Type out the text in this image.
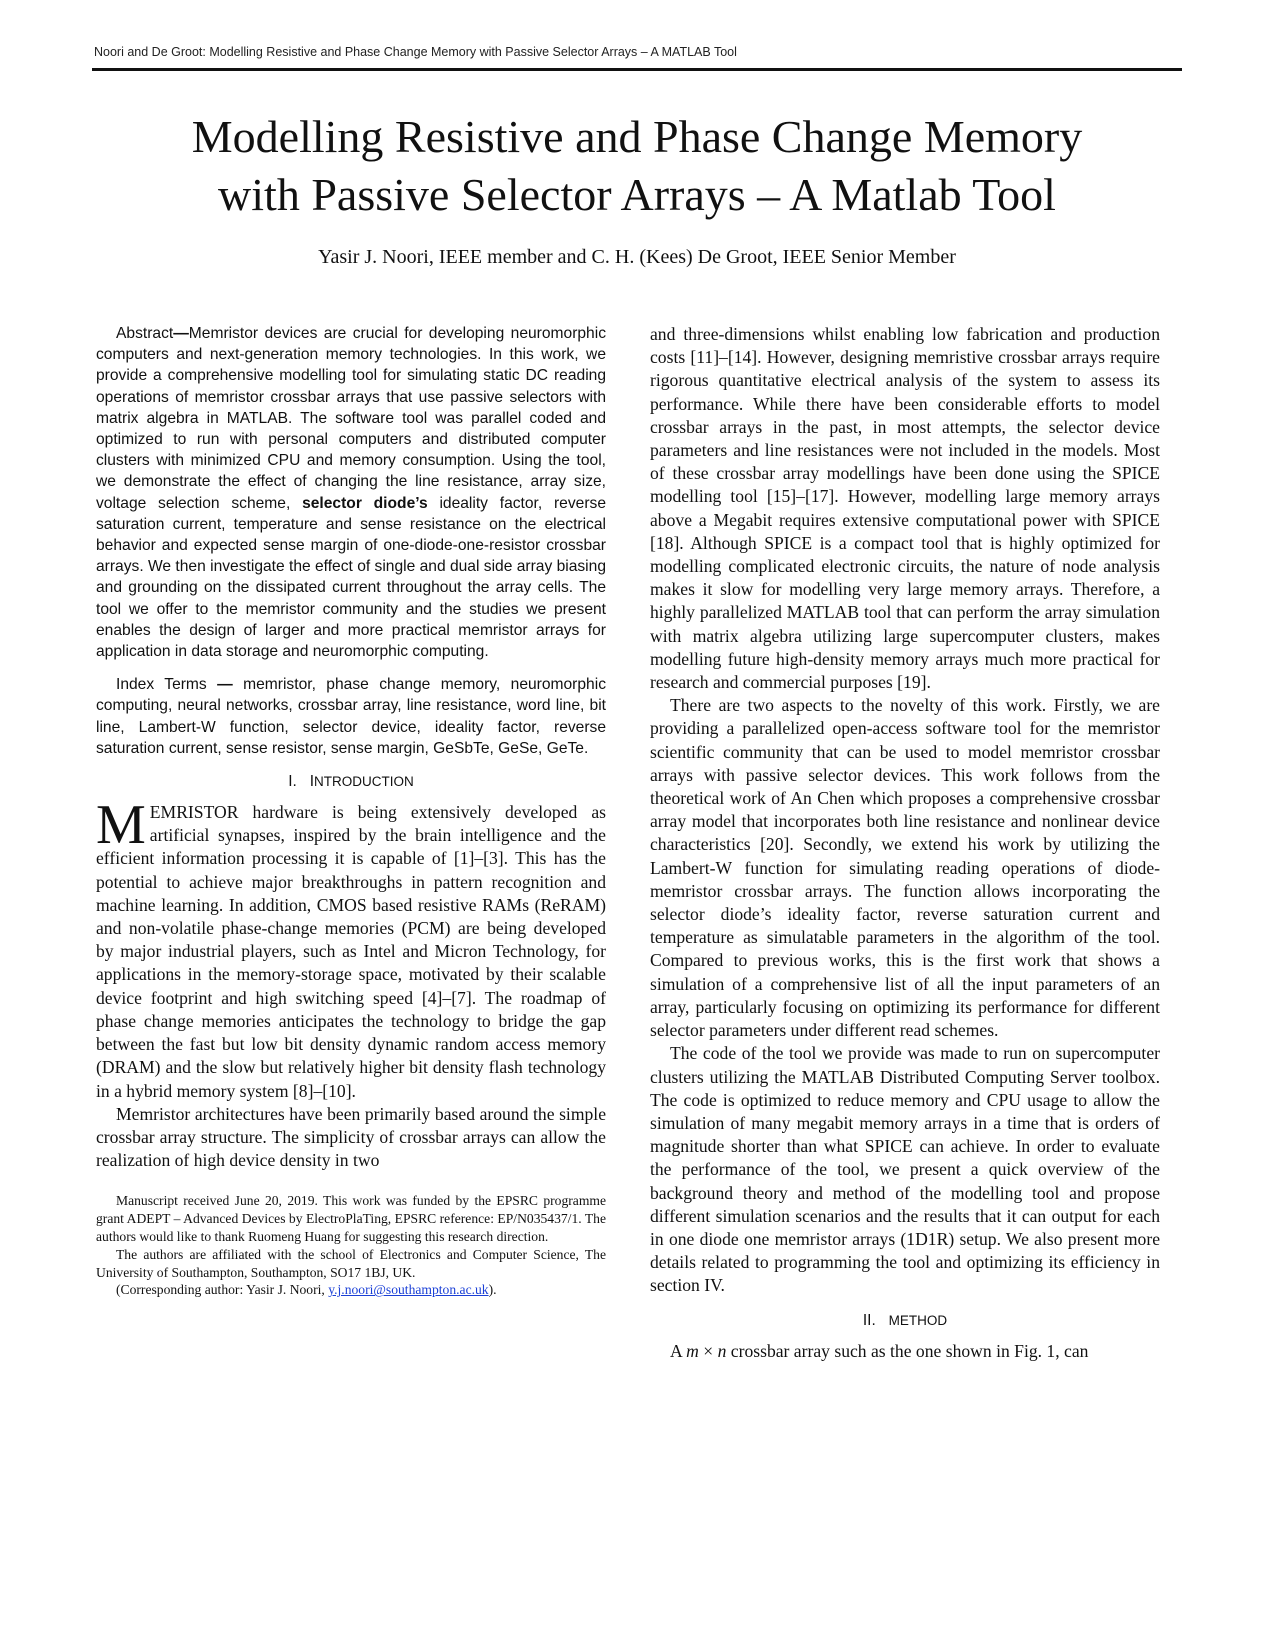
Noori and De Groot: Modelling Resistive and Phase Change Memory with Passive Selector Arrays – A MATLAB Tool
Modelling Resistive and Phase Change Memory
with Passive Selector Arrays – A Matlab Tool
Yasir J. Noori, IEEE member and C. H. (Kees) De Groot, IEEE Senior Member

Abstract—Memristor devices are crucial for developing neuromorphic computers and next-generation memory technologies. In this work, we provide a comprehensive modelling tool for simulating static DC reading operations of memristor crossbar arrays that use passive selectors with matrix algebra in MATLAB. The software tool was parallel coded and optimized to run with personal computers and distributed computer clusters with minimized CPU and memory consumption. Using the tool, we demonstrate the effect of changing the line resistance, array size, voltage selection scheme, selector diode’s ideality factor, reverse saturation current, temperature and sense resistance on the electrical behavior and expected sense margin of one-diode-one-resistor crossbar arrays. We then investigate the effect of single and dual side array biasing and grounding on the dissipated current throughout the array cells. The tool we offer to the memristor community and the studies we present enables the design of larger and more practical memristor arrays for application in data storage and neuromorphic computing.

Index Terms — memristor, phase change memory, neuromorphic computing, neural networks, crossbar array, line resistance, word line, bit line, Lambert-W function, selector device, ideality factor, reverse saturation current, sense resistor, sense margin, GeSbTe, GeSe, GeTe.

I. INTRODUCTION

MEMRISTOR hardware is being extensively developed as artificial synapses, inspired by the brain intelligence and the efficient information processing it is capable of [1]–[3]. This has the potential to achieve major breakthroughs in pattern recognition and machine learning. In addition, CMOS based resistive RAMs (ReRAM) and non-volatile phase-change memories (PCM) are being developed by major industrial players, such as Intel and Micron Technology, for applications in the memory-storage space, motivated by their scalable device footprint and high switching speed [4]–[7]. The roadmap of phase change memories anticipates the technology to bridge the gap between the fast but low bit density dynamic random access memory (DRAM) and the slow but relatively higher bit density flash technology in a hybrid memory system [8]–[10].

Memristor architectures have been primarily based around the simple crossbar array structure. The simplicity of crossbar arrays can allow the realization of high device density in two

Manuscript received June 20, 2019. This work was funded by the EPSRC programme grant ADEPT – Advanced Devices by ElectroPlaTing, EPSRC reference: EP/N035437/1. The authors would like to thank Ruomeng Huang for suggesting this research direction.

The authors are affiliated with the school of Electronics and Computer Science, The University of Southampton, Southampton, SO17 1BJ, UK.

(Corresponding author: Yasir J. Noori, y.j.noori@southampton.ac.uk).

and three-dimensions whilst enabling low fabrication and production costs [11]–[14]. However, designing memristive crossbar arrays require rigorous quantitative electrical analysis of the system to assess its performance. While there have been considerable efforts to model crossbar arrays in the past, in most attempts, the selector device parameters and line resistances were not included in the models. Most of these crossbar array modellings have been done using the SPICE modelling tool [15]–[17]. However, modelling large memory arrays above a Megabit requires extensive computational power with SPICE [18]. Although SPICE is a compact tool that is highly optimized for modelling complicated electronic circuits, the nature of node analysis makes it slow for modelling very large memory arrays. Therefore, a highly parallelized MATLAB tool that can perform the array simulation with matrix algebra utilizing large supercomputer clusters, makes modelling future high-density memory arrays much more practical for research and commercial purposes [19].

There are two aspects to the novelty of this work. Firstly, we are providing a parallelized open-access software tool for the memristor scientific community that can be used to model memristor crossbar arrays with passive selector devices. This work follows from the theoretical work of An Chen which proposes a comprehensive crossbar array model that incorporates both line resistance and nonlinear device characteristics [20]. Secondly, we extend his work by utilizing the Lambert-W function for simulating reading operations of diode-memristor crossbar arrays. The function allows incorporating the selector diode’s ideality factor, reverse saturation current and temperature as simulatable parameters in the algorithm of the tool. Compared to previous works, this is the first work that shows a simulation of a comprehensive list of all the input parameters of an array, particularly focusing on optimizing its performance for different selector parameters under different read schemes.

The code of the tool we provide was made to run on supercomputer clusters utilizing the MATLAB Distributed Computing Server toolbox. The code is optimized to reduce memory and CPU usage to allow the simulation of many megabit memory arrays in a time that is orders of magnitude shorter than what SPICE can achieve. In order to evaluate the performance of the tool, we present a quick overview of the background theory and method of the modelling tool and propose different simulation scenarios and the results that it can output for each in one diode one memristor arrays (1D1R) setup. We also present more details related to programming the tool and optimizing its efficiency in section IV.

II. METHOD

A m × n crossbar array such as the one shown in Fig. 1, can
